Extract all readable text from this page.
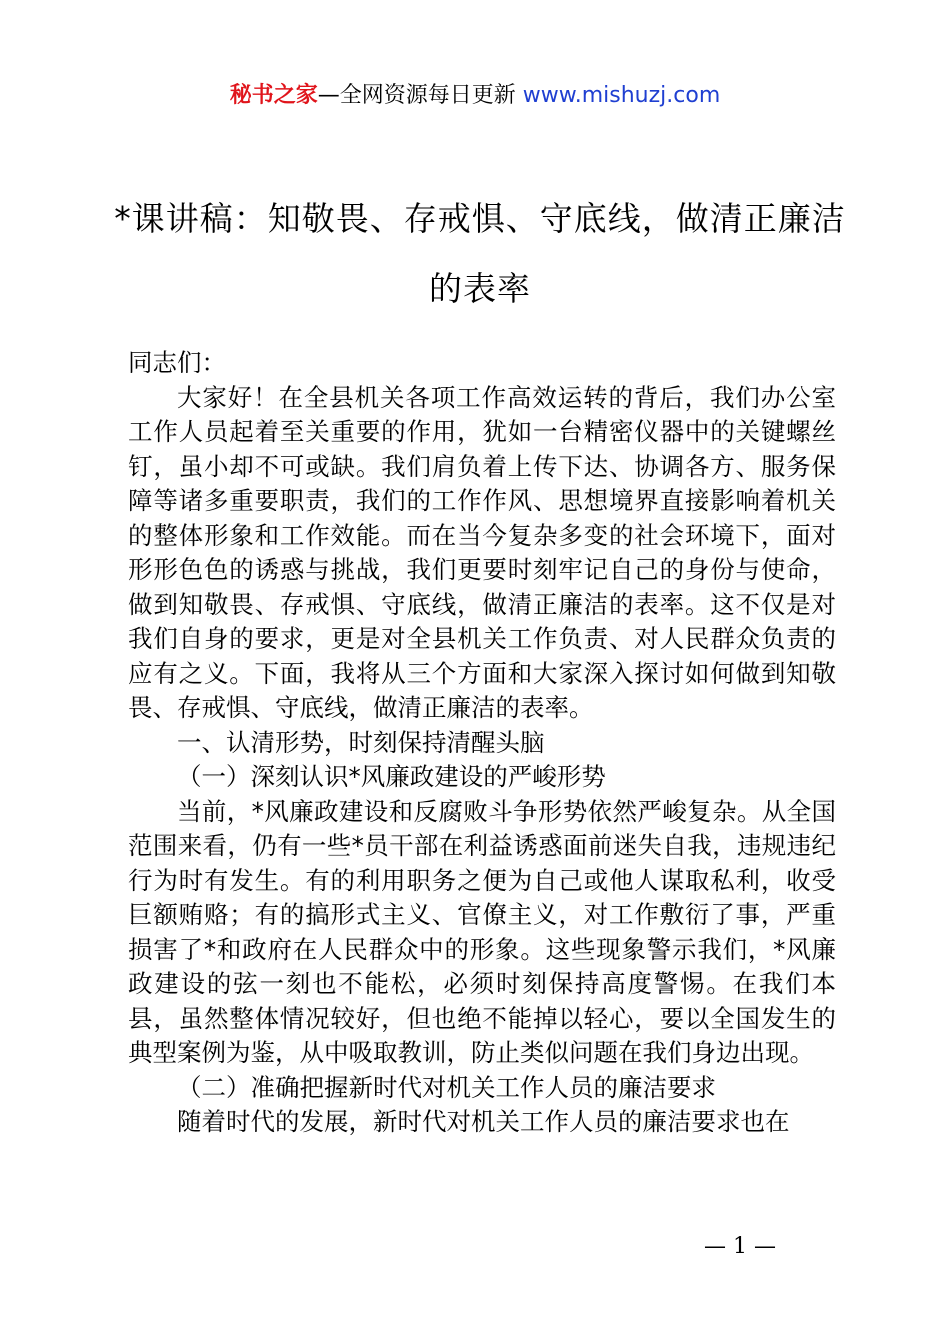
秘书之家—全网资源每日更新 www.mishuzj.com
*课讲稿：知敬畏、存戒惧、守底线，做清正廉洁的表率

同志们：

大家好！在全县机关各项工作高效运转的背后，我们办公室工作人员起着至关重要的作用，犹如一台精密仪器中的关键螺丝钉，虽小却不可或缺。我们肩负着上传下达、协调各方、服务保障等诸多重要职责，我们的工作作风、思想境界直接影响着机关的整体形象和工作效能。而在当今复杂多变的社会环境下，面对形形色色的诱惑与挑战，我们更要时刻牢记自己的身份与使命，做到知敬畏、存戒惧、守底线，做清正廉洁的表率。这不仅是对我们自身的要求，更是对全县机关工作负责、对人民群众负责的应有之义。下面，我将从三个方面和大家深入探讨如何做到知敬畏、存戒惧、守底线，做清正廉洁的表率。

一、认清形势，时刻保持清醒头脑

（一）深刻认识*风廉政建设的严峻形势

当前，*风廉政建设和反腐败斗争形势依然严峻复杂。从全国范围来看，仍有一些*员干部在利益诱惑面前迷失自我，违规违纪行为时有发生。有的利用职务之便为自己或他人谋取私利，收受巨额贿赂；有的搞形式主义、官僚主义，对工作敷衍了事，严重损害了*和政府在人民群众中的形象。这些现象警示我们，*风廉政建设的弦一刻也不能松，必须时刻保持高度警惕。在我们本县，虽然整体情况较好，但也绝不能掉以轻心，要以全国发生的典型案例为鉴，从中吸取教训，防止类似问题在我们身边出现。

（二）准确把握新时代对机关工作人员的廉洁要求

随着时代的发展，新时代对机关工作人员的廉洁要求也在

— 1 —
